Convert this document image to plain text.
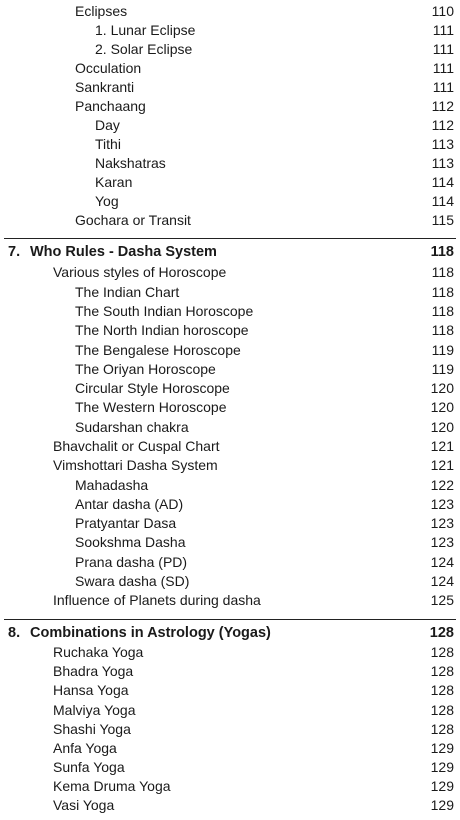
Eclipses	110
1. Lunar Eclipse	111
2. Solar Eclipse	111
Occulation	111
Sankranti	111
Panchaang	112
Day	112
Tithi	113
Nakshatras	113
Karan	114
Yog	114
Gochara or Transit	115
7. Who Rules - Dasha System	118
Various styles of Horoscope	118
The Indian Chart	118
The South Indian Horoscope	118
The North Indian horoscope	118
The Bengalese Horoscope	119
The Oriyan Horoscope	119
Circular Style Horoscope	120
The Western Horoscope	120
Sudarshan chakra	120
Bhavchalit or Cuspal Chart	121
Vimshottari Dasha System	121
Mahadasha	122
Antar dasha (AD)	123
Pratyantar Dasa	123
Sookshma Dasha	123
Prana dasha (PD)	124
Swara dasha (SD)	124
Influence of Planets during dasha	125
8. Combinations in Astrology (Yogas)	128
Ruchaka Yoga	128
Bhadra Yoga	128
Hansa Yoga	128
Malviya Yoga	128
Shashi Yoga	128
Anfa Yoga	129
Sunfa Yoga	129
Kema Druma Yoga	129
Vasi Yoga	129
